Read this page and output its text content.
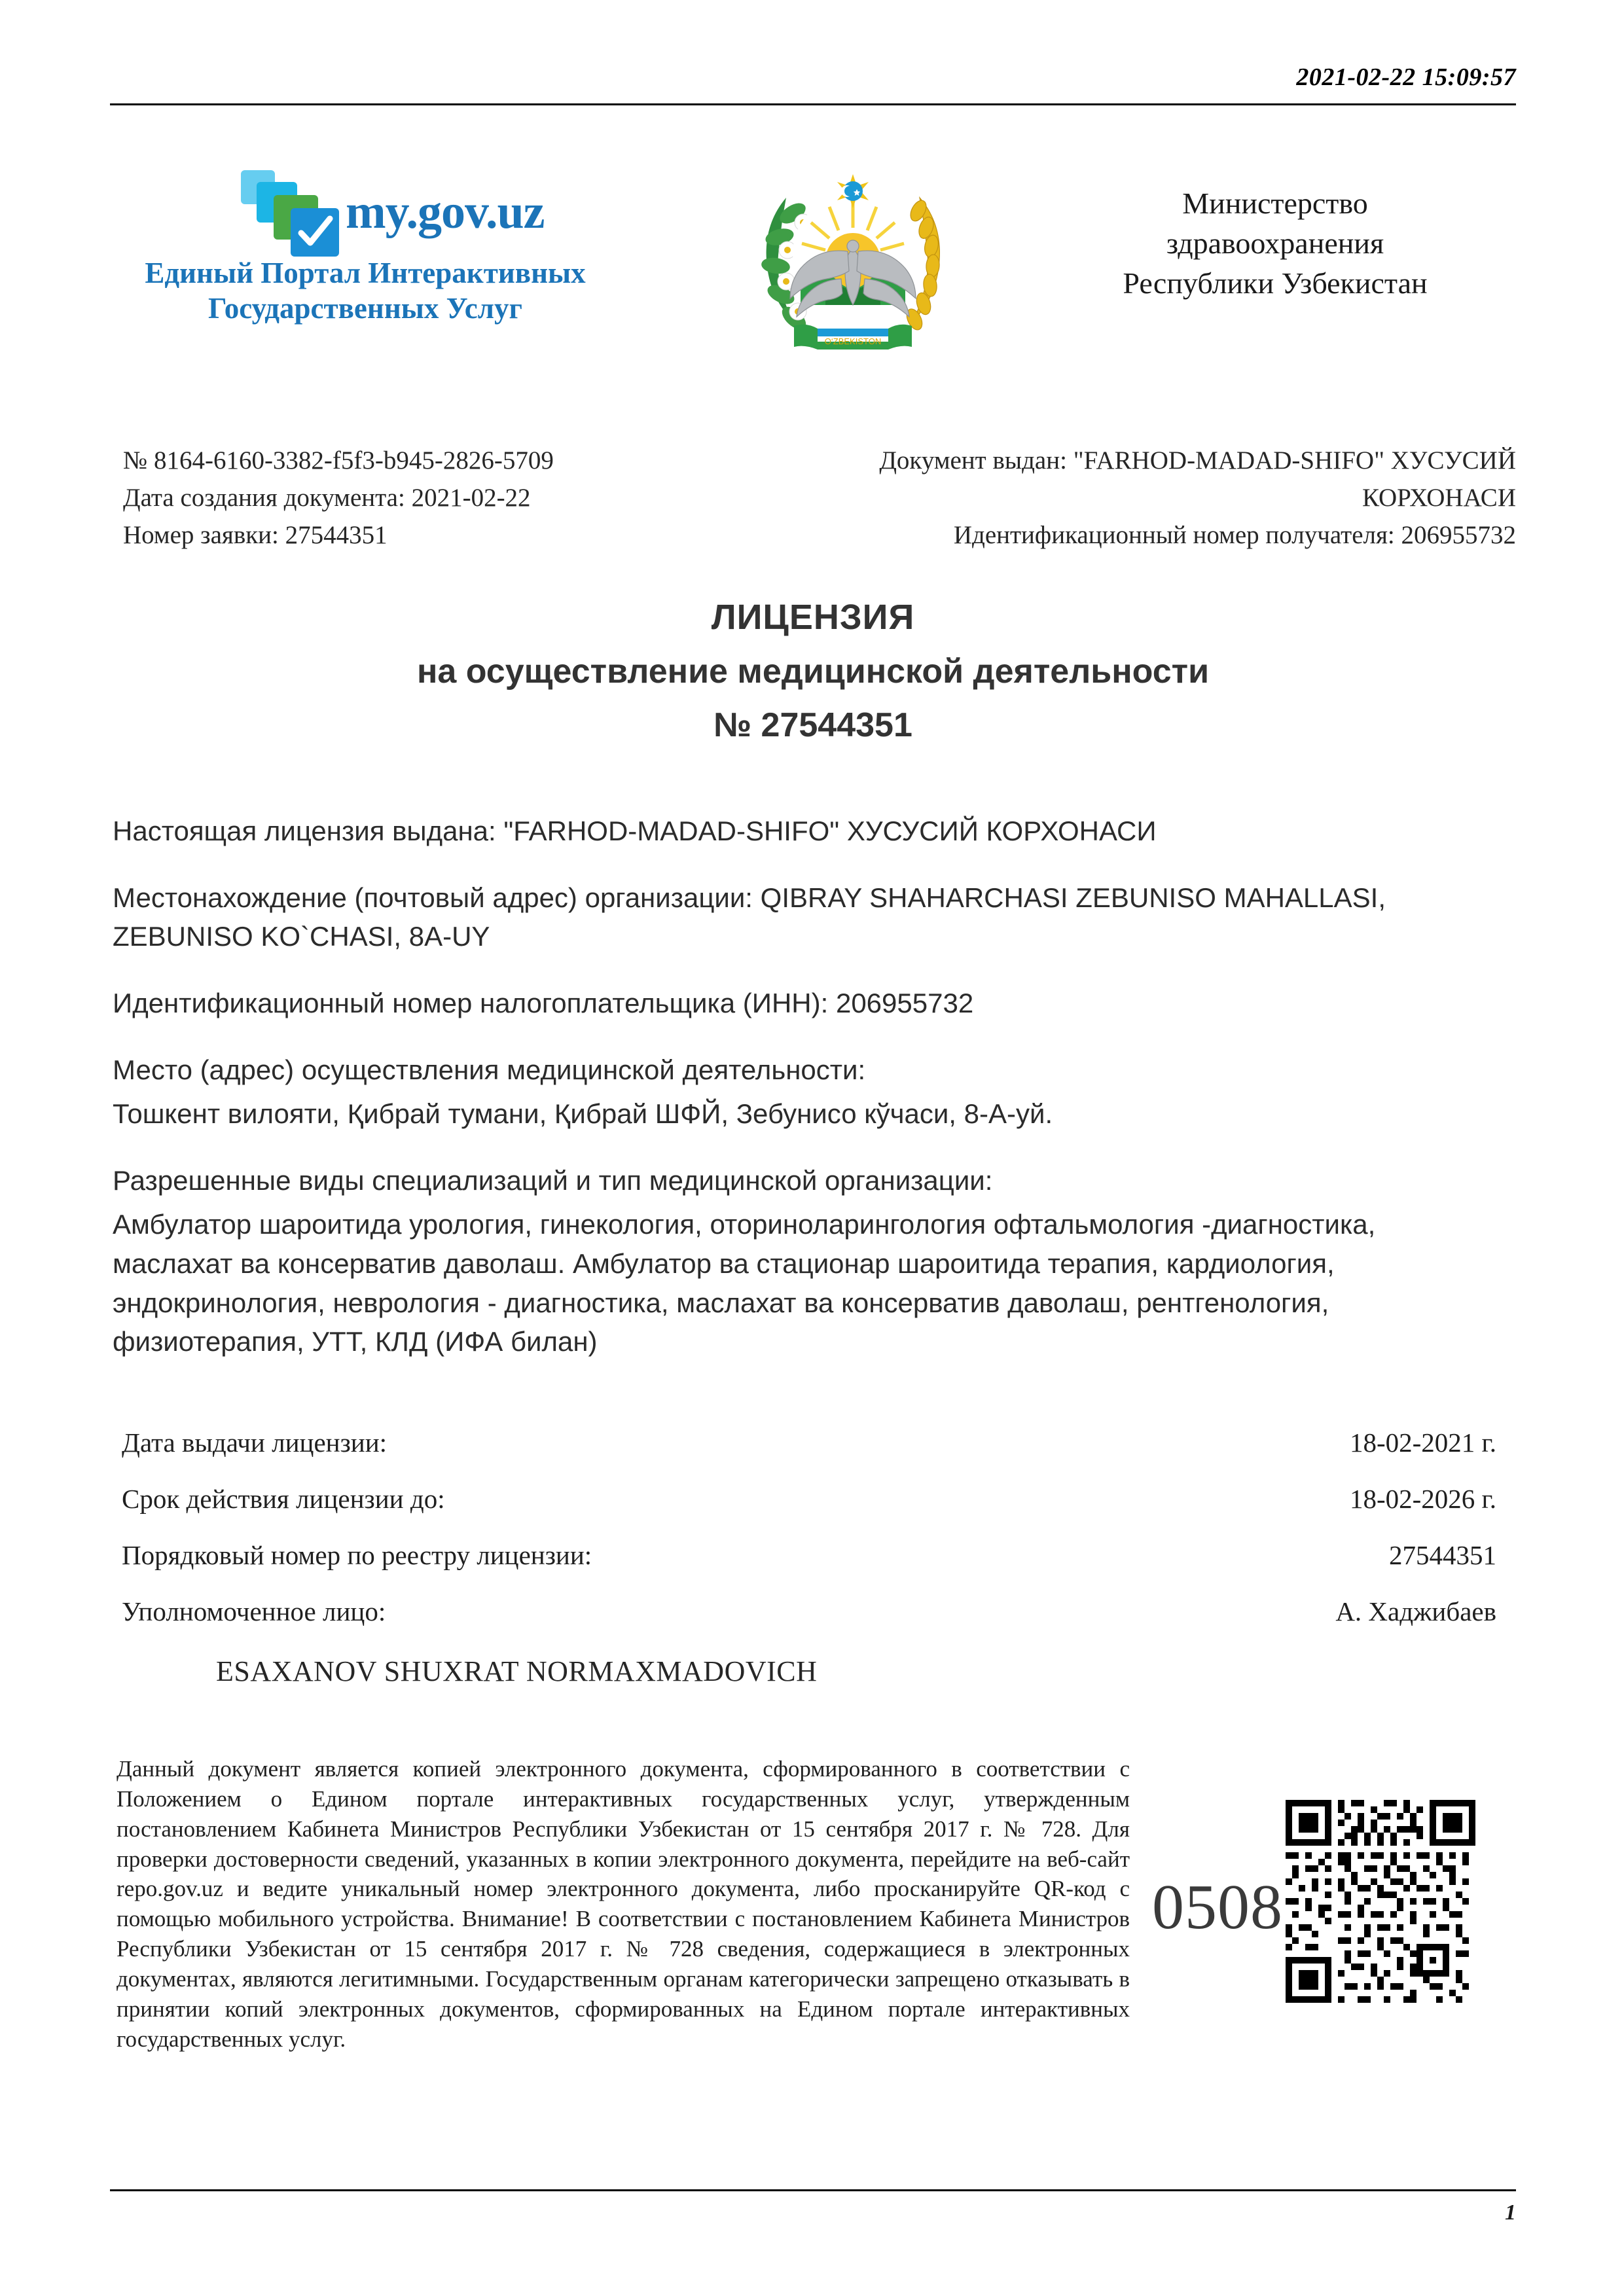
2021-02-22 15:09:57
my.gov.uz
Единый Портал Интерактивных
Государственных Услуг
O‘ZBEKISTON
Министерство
здравоохранения
Республики Узбекистан
№ 8164-6160-3382-f5f3-b945-2826-5709
Дата создания документа: 2021-02-22
Номер заявки: 27544351
Документ выдан: "FARHOD-MADAD-SHIFO" ХУСУСИЙ
КОРХОНАСИ
Идентификационный номер получателя: 206955732
ЛИЦЕНЗИЯ
на осуществление медицинской деятельности
№ 27544351

Настоящая лицензия выдана: "FARHOD-MADAD-SHIFO" ХУСУСИЙ КОРХОНАСИ

Местонахождение (почтовый адрес) организации: QIBRAY SHAHARCHASI ZEBUNISO MAHALLASI, ZEBUNISO KO`CHASI, 8A-UY

Идентификационный номер налогоплательщика (ИНН): 206955732

Место (адрес) осуществления медицинской деятельности:

Тошкент вилояти, Қибрай тумани, Қибрай ШФЙ, Зебунисо кўчаси, 8-А-уй.

Разрешенные виды специализаций и тип медицинской организации:

Амбулатор шароитида урология, гинекология, оториноларингология офтальмология -диагностика, маслахат ва консерватив даволаш. Амбулатор ва стационар шароитида терапия, кардиология, эндокринология, неврология - диагностика, маслахат ва консерватив даволаш, рентгенология, физиотерапия, УТТ, КЛД (ИФА билан)

Дата выдачи лицензии:	18-02-2021 г.
Срок действия лицензии до:	18-02-2026 г.
Порядковый номер по реестру лицензии:	27544351
Уполномоченное лицо:	А. Хаджибаев
ESAXANOV SHUXRAT NORMAXMADOVICH
Данный документ является копией электронного документа, сформированного в соответствии с Положением о Едином портале интерактивных государственных услуг, утвержденным постановлением Кабинета Министров Республики Узбекистан от 15 сентября 2017 г. № 728. Для проверки достоверности сведений, указанных в копии электронного документа, перейдите на веб-сайт repo.gov.uz и ведите уникальный номер электронного документа, либо просканируйте QR-код с помощью мобильного устройства. Внимание! В соответствии с постановлением Кабинета Министров Республики Узбекистан от 15 сентября 2017 г. № 728 сведения, содержащиеся в электронных документах, являются легитимными. Государственным органам категорически запрещено отказывать в принятии копий электронных документов, сформированных на Едином портале интерактивных государственных услуг.
0508
1
